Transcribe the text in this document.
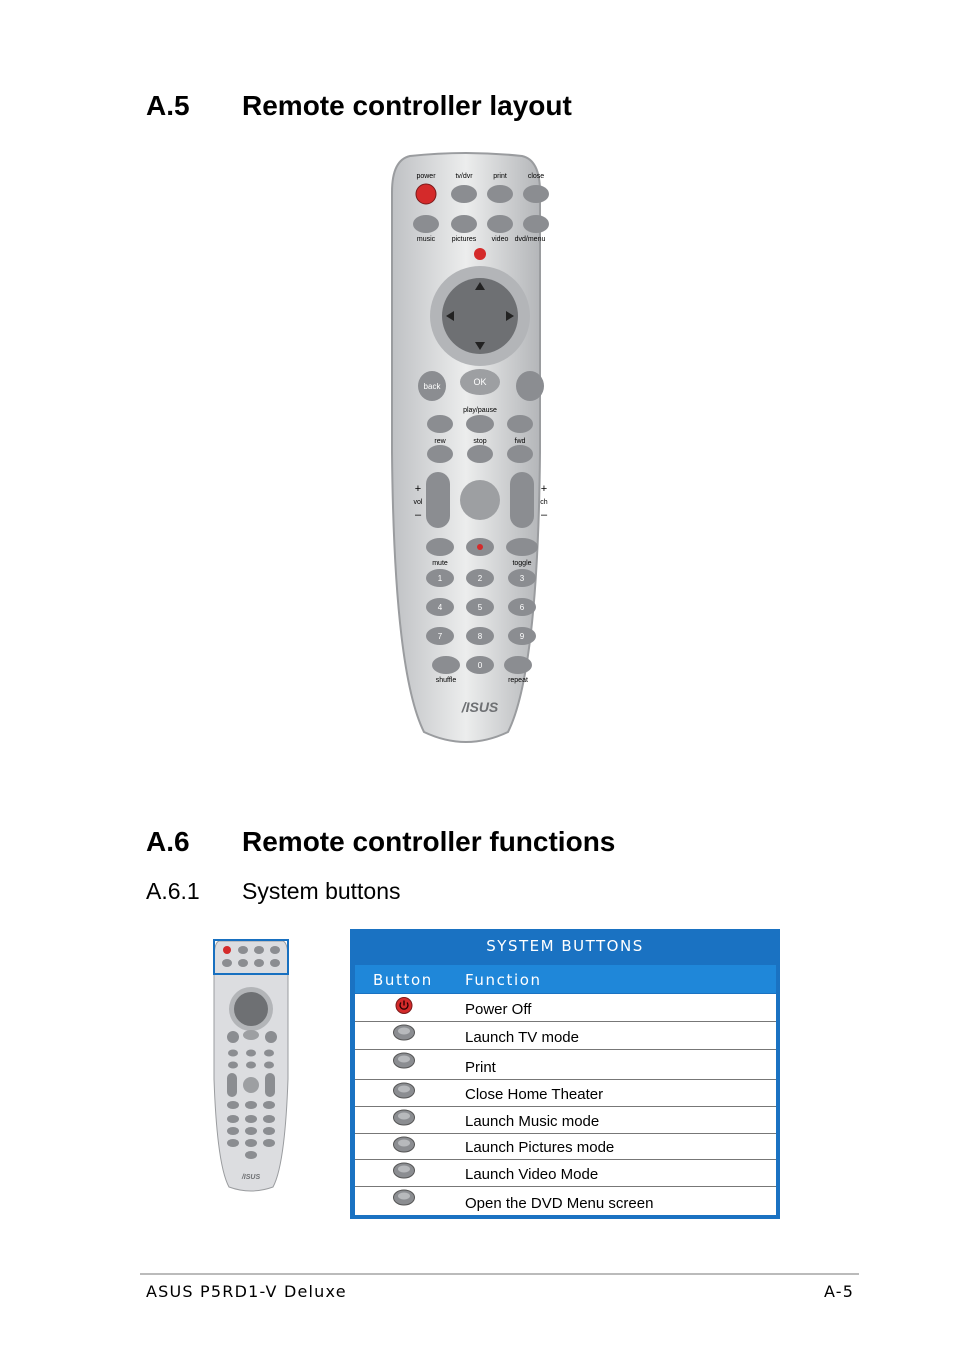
A.5	Remote controller layout
power	tv/dvr	print	close
music pictures video dvd/menu
back	OK
play/pause
rew	stop	fwd
+
vol
–
+
ch
–
mute	toggle
1	2	3
4	5	6
7	8	9
0
shuffle	repeat
/ISUS
A.6	Remote controller functions
A.6.1	System buttons
/ISUS
SYSTEM BUTTONS
Button Function
Power Off
Launch TV mode
Print
Close Home Theater
Launch Music mode
Launch Pictures mode
Launch Video Mode
Open the DVD Menu screen
ASUS P5RD1-V Deluxe	A-5
